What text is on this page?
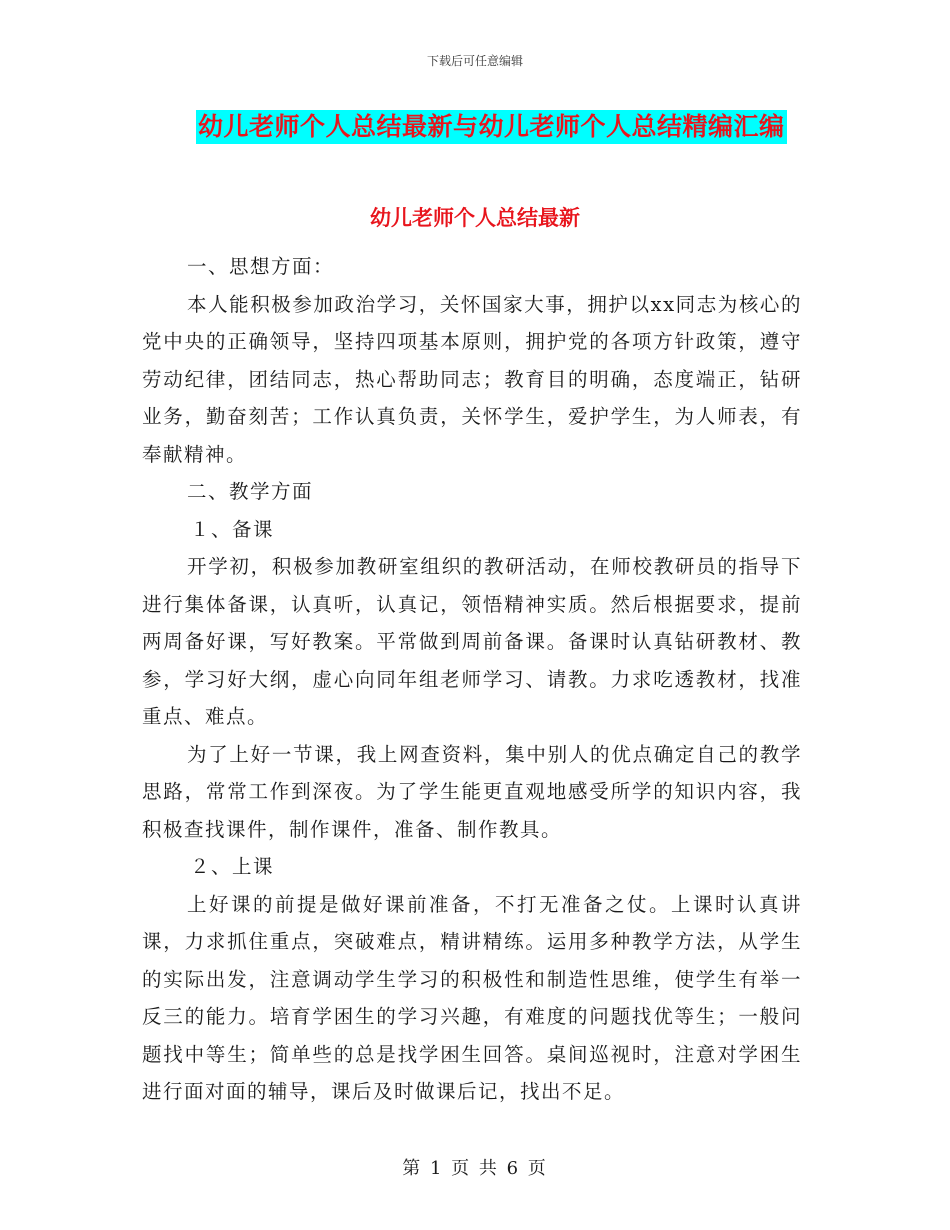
下载后可任意编辑
幼儿老师个人总结最新与幼儿老师个人总结精编汇编
幼儿老师个人总结最新

一、思想方面：

本人能积极参加政治学习，关怀国家大事，拥护以xx同志为核心的党中央的正确领导，坚持四项基本原则，拥护党的各项方针政策，遵守劳动纪律，团结同志，热心帮助同志；教育目的明确，态度端正，钻研业务，勤奋刻苦；工作认真负责，关怀学生，爱护学生，为人师表，有奉献精神。

二、教学方面

１、备课

开学初，积极参加教研室组织的教研活动，在师校教研员的指导下进行集体备课，认真听，认真记，领悟精神实质。然后根据要求，提前两周备好课，写好教案。平常做到周前备课。备课时认真钻研教材、教参，学习好大纲，虚心向同年组老师学习、请教。力求吃透教材，找准重点、难点。

为了上好一节课，我上网查资料，集中别人的优点确定自己的教学思路，常常工作到深夜。为了学生能更直观地感受所学的知识内容，我积极查找课件，制作课件，准备、制作教具。

２、上课

上好课的前提是做好课前准备，不打无准备之仗。上课时认真讲课，力求抓住重点，突破难点，精讲精练。运用多种教学方法，从学生的实际出发，注意调动学生学习的积极性和制造性思维，使学生有举一反三的能力。培育学困生的学习兴趣，有难度的问题找优等生；一般问题找中等生；简单些的总是找学困生回答。桌间巡视时，注意对学困生进行面对面的辅导，课后及时做课后记，找出不足。

第 1 页 共 6 页
